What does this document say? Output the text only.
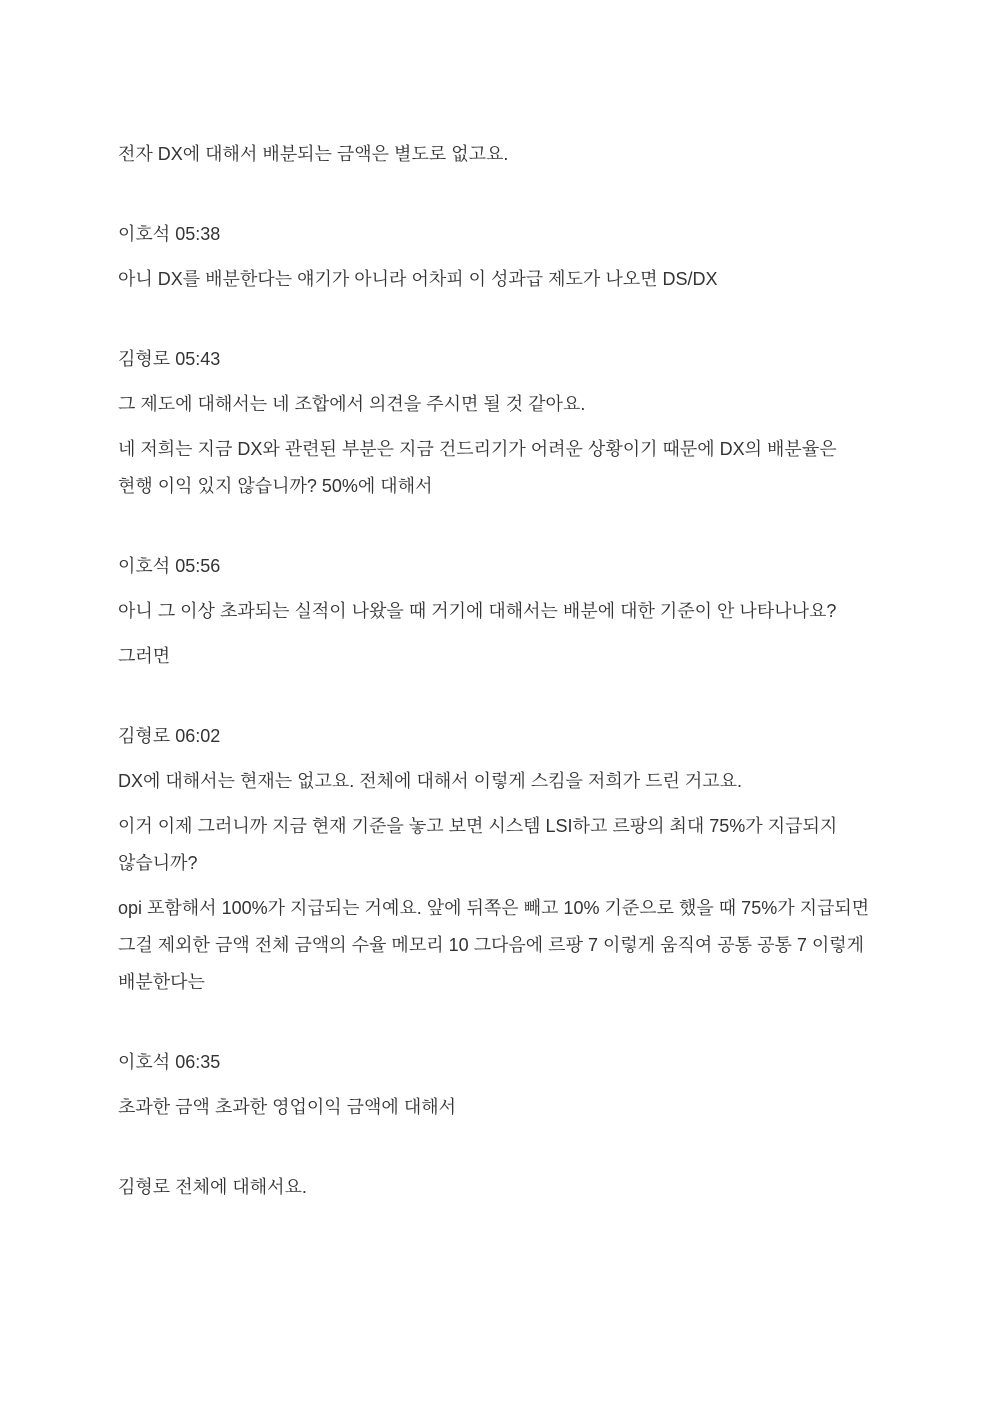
전자 DX에 대해서 배분되는 금액은 별도로 없고요.

이호석 05:38

아니 DX를 배분한다는 얘기가 아니라 어차피 이 성과급 제도가 나오면 DS/DX

김형로 05:43

그 제도에 대해서는 네 조합에서 의견을 주시면 될 것 같아요.

네 저희는 지금 DX와 관련된 부분은 지금 건드리기가 어려운 상황이기 때문에 DX의 배분율은 현행 이익 있지 않습니까? 50%에 대해서

이호석 05:56

아니 그 이상 초과되는 실적이 나왔을 때 거기에 대해서는 배분에 대한 기준이 안 나타나나요?

그러면

김형로 06:02

DX에 대해서는 현재는 없고요. 전체에 대해서 이렇게 스킴을 저희가 드린 거고요.

이거 이제 그러니까 지금 현재 기준을 놓고 보면 시스템 LSI하고 르팡의 최대 75%가 지급되지 않습니까?

opi 포함해서 100%가 지급되는 거예요. 앞에 뒤쪽은 빼고 10% 기준으로 했을 때 75%가 지급되면 그걸 제외한 금액 전체 금액의 수율 메모리 10 그다음에 르팡 7 이렇게 움직여 공통 공통 7 이렇게 배분한다는

이호석 06:35

초과한 금액 초과한 영업이익 금액에 대해서

김형로 전체에 대해서요.
